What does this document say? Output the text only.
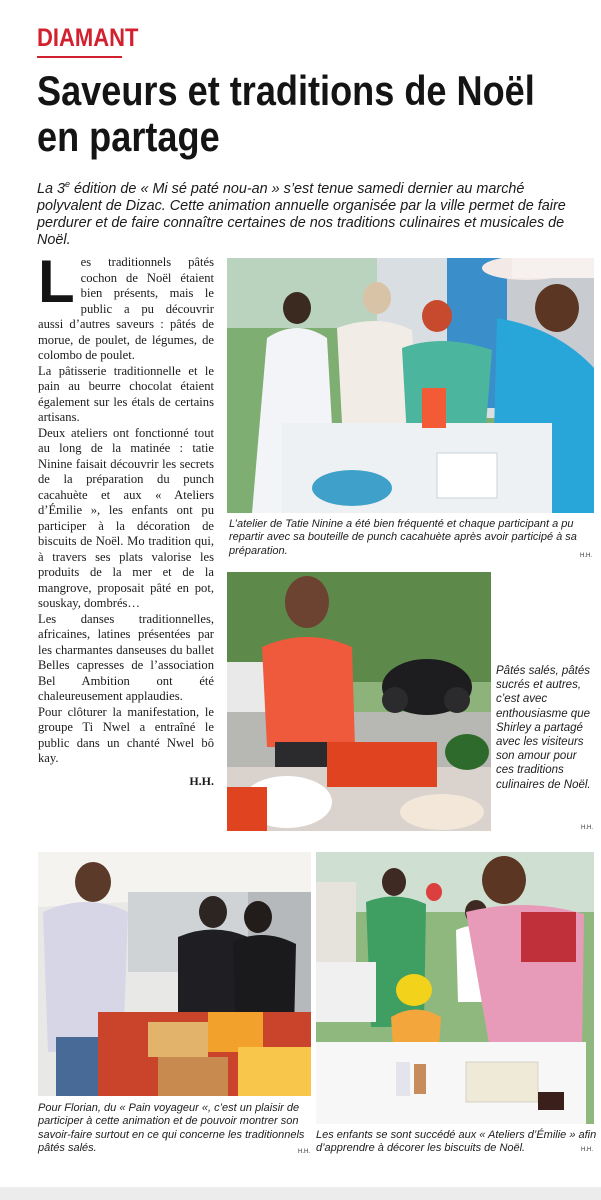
DIAMANT
Saveurs et traditions de Noël
en partage
La 3e édition de « Mi sé paté nou-an » s’est tenue samedi dernier au marché polyvalent de Dizac. Cette animation annuelle organisée par la ville permet de faire perdurer et de faire connaître certaines de nos traditions culinaires et musicales de Noël.

Les traditionnels pâtés cochon de Noël étaient bien présents, mais le public a pu découvrir aussi d’autres saveurs : pâtés de morue, de poulet, de légumes, de colombo de poulet.

La pâtisserie traditionnelle et le pain au beurre chocolat étaient également sur les étals de certains artisans.

Deux ateliers ont fonctionné tout au long de la matinée : tatie Ninine faisait découvrir les secrets de la préparation du punch cacahuète et aux « Ateliers d’Émilie », les enfants ont pu participer à la décoration de biscuits de Noël. Mo tradition qui, à travers ses plats valorise les produits de la mer et de la mangrove, proposait pâté en pot, souskay, dombrés…

Les danses traditionnelles, africaines, latines présentées par les charmantes danseuses du ballet Belles capresses de l’association Bel Ambition ont été chaleureusement applaudies.

Pour clôturer la manifestation, le groupe Ti Nwel a entraîné le public dans un chanté Nwel bô kay.

H.H.

L’atelier de Tatie Ninine a été bien fréquenté et chaque participant a pu repartir avec sa bouteille de punch cacahuète après avoir participé à sa préparation.	H.H.
Pâtés salés, pâtés sucrés et autres, c’est avec enthousiasme que Shirley a partagé avec les visiteurs son amour pour ces traditions culinaires de Noël.
H.H.
Pour Florian, du « Pain voyageur «, c’est un plaisir de participer à cette animation et de pouvoir montrer son savoir-faire surtout en ce qui concerne les traditionnels pâtés salés.	H.H.
Les enfants se sont succédé aux « Ateliers d’Émilie » afin d’apprendre à décorer les biscuits de Noël.	H.H.
